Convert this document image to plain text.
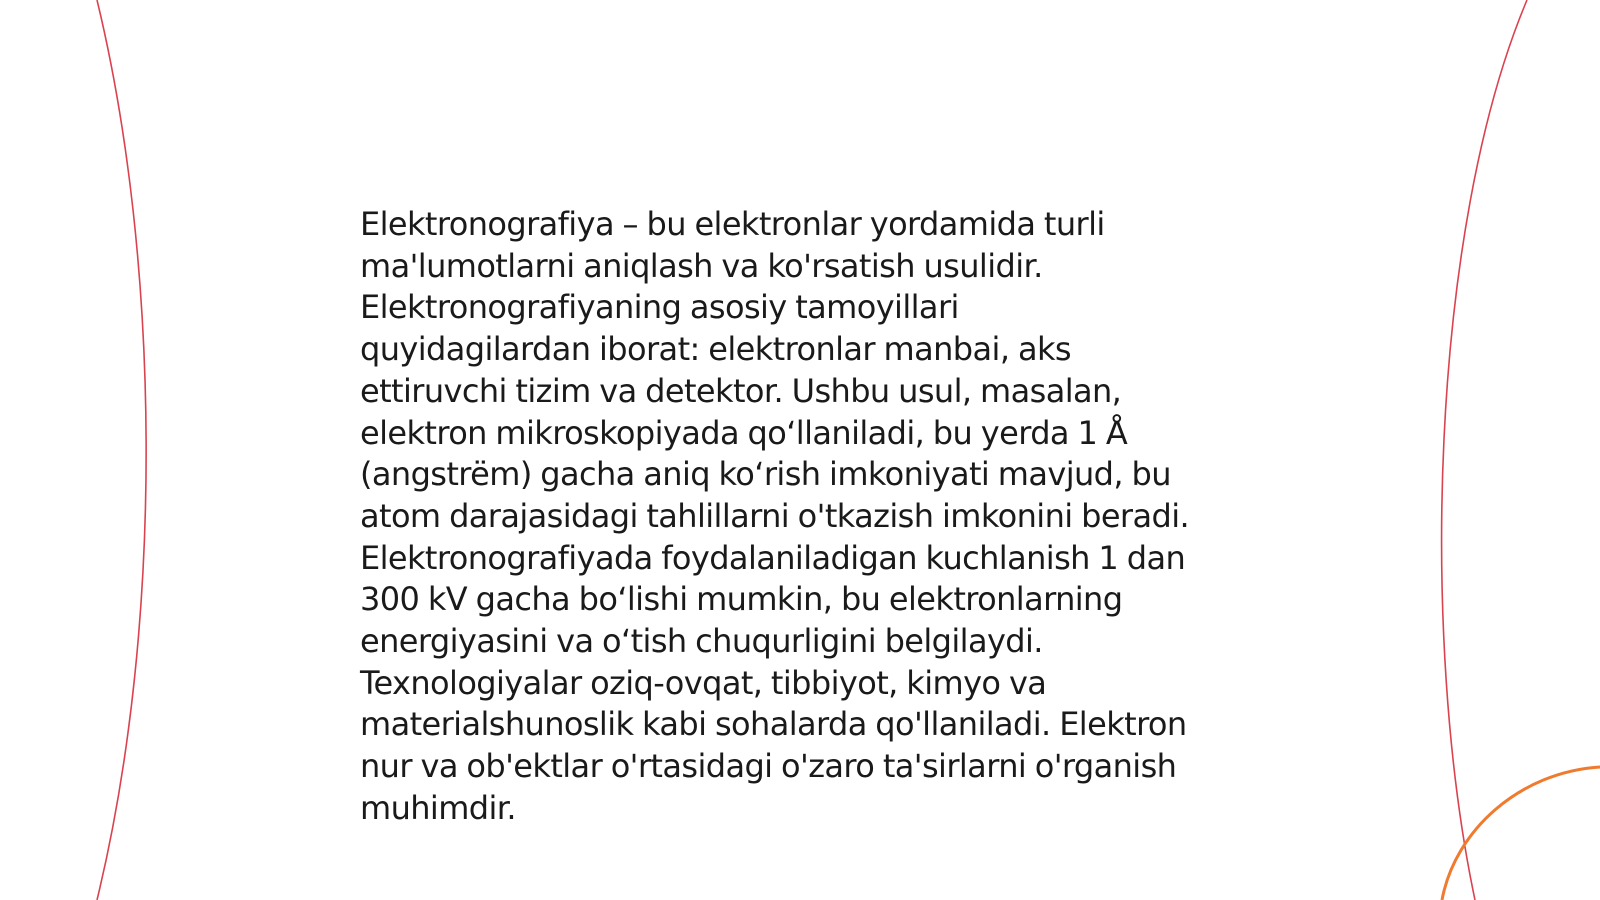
Elektronografiya – bu elektronlar yordamida turli
ma'lumotlarni aniqlash va ko'rsatish usulidir.
Elektronografiyaning asosiy tamoyillari
quyidagilardan iborat: elektronlar manbai, aks
ettiruvchi tizim va detektor. Ushbu usul, masalan,
elektron mikroskopiyada qo‘llaniladi, bu yerda 1 Å
(angstrëm) gacha aniq ko‘rish imkoniyati mavjud, bu
atom darajasidagi tahlillarni o'tkazish imkonini beradi.
Elektronografiyada foydalaniladigan kuchlanish 1 dan
300 kV gacha bo‘lishi mumkin, bu elektronlarning
energiyasini va o‘tish chuqurligini belgilaydi.
Texnologiyalar oziq-ovqat, tibbiyot, kimyo va
materialshunoslik kabi sohalarda qo'llaniladi. Elektron
nur va ob'ektlar o'rtasidagi o'zaro ta'sirlarni o'rganish
muhimdir.
